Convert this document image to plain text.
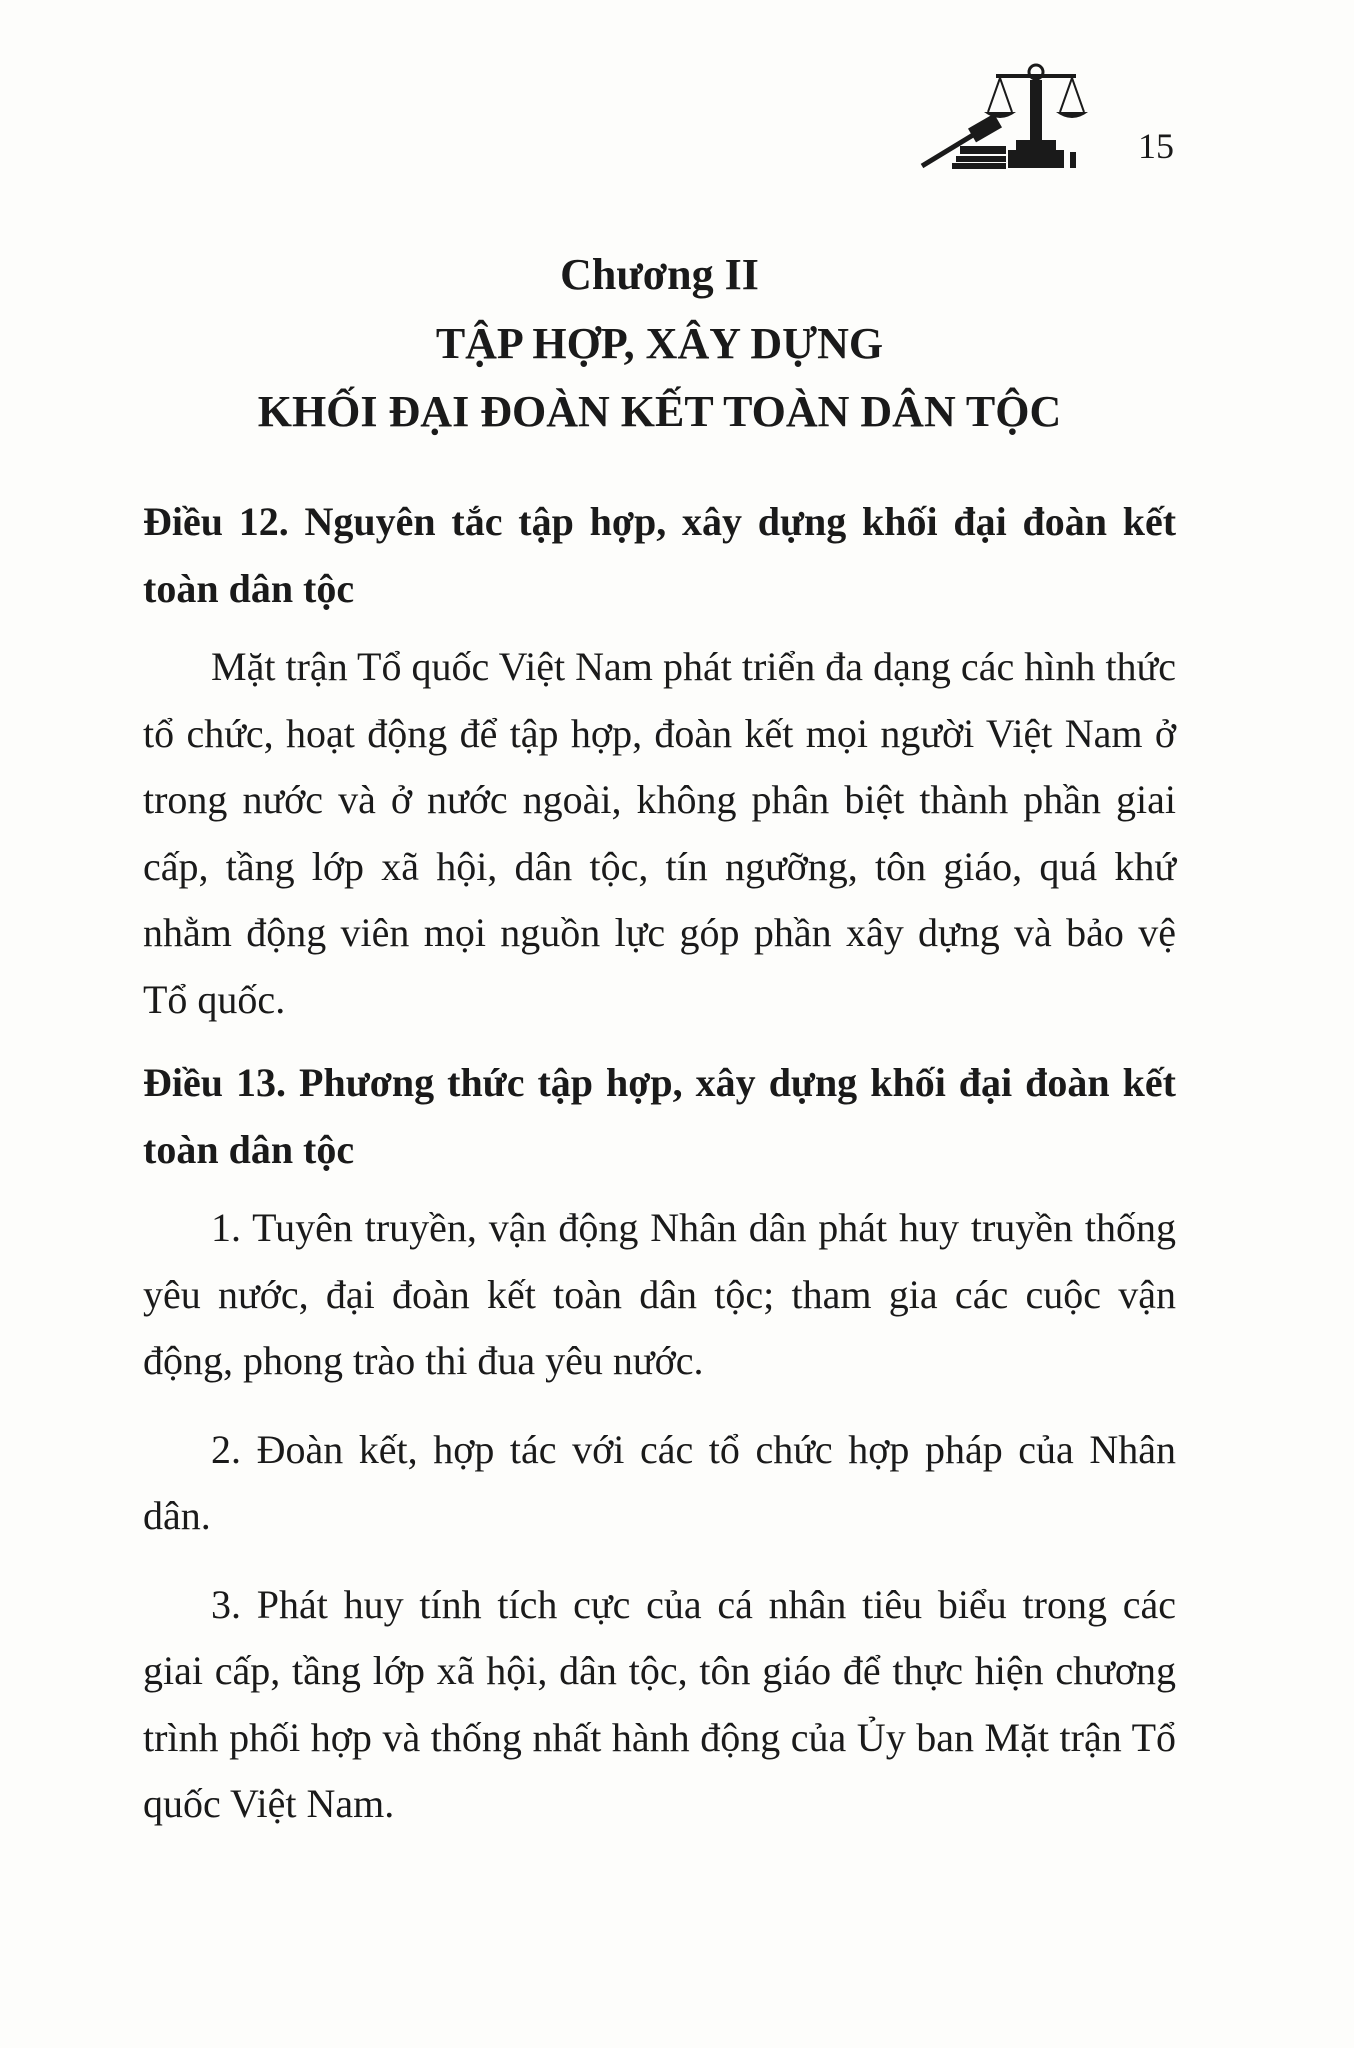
15
Chương II
TẬP HỢP, XÂY DỰNG
KHỐI ĐẠI ĐOÀN KẾT TOÀN DÂN TỘC
Điều 12. Nguyên tắc tập hợp, xây dựng khối đại đoàn kết toàn dân tộc
Mặt trận Tổ quốc Việt Nam phát triển đa dạng các hình thức tổ chức, hoạt động để tập hợp, đoàn kết mọi người Việt Nam ở trong nước và ở nước ngoài, không phân biệt thành phần giai cấp, tầng lớp xã hội, dân tộc, tín ngưỡng, tôn giáo, quá khứ nhằm động viên mọi nguồn lực góp phần xây dựng và bảo vệ Tổ quốc.
Điều 13. Phương thức tập hợp, xây dựng khối đại đoàn kết toàn dân tộc
1. Tuyên truyền, vận động Nhân dân phát huy truyền thống yêu nước, đại đoàn kết toàn dân tộc; tham gia các cuộc vận động, phong trào thi đua yêu nước.
2. Đoàn kết, hợp tác với các tổ chức hợp pháp của Nhân dân.
3. Phát huy tính tích cực của cá nhân tiêu biểu trong các giai cấp, tầng lớp xã hội, dân tộc, tôn giáo để thực hiện chương trình phối hợp và thống nhất hành động của Ủy ban Mặt trận Tổ quốc Việt Nam.
